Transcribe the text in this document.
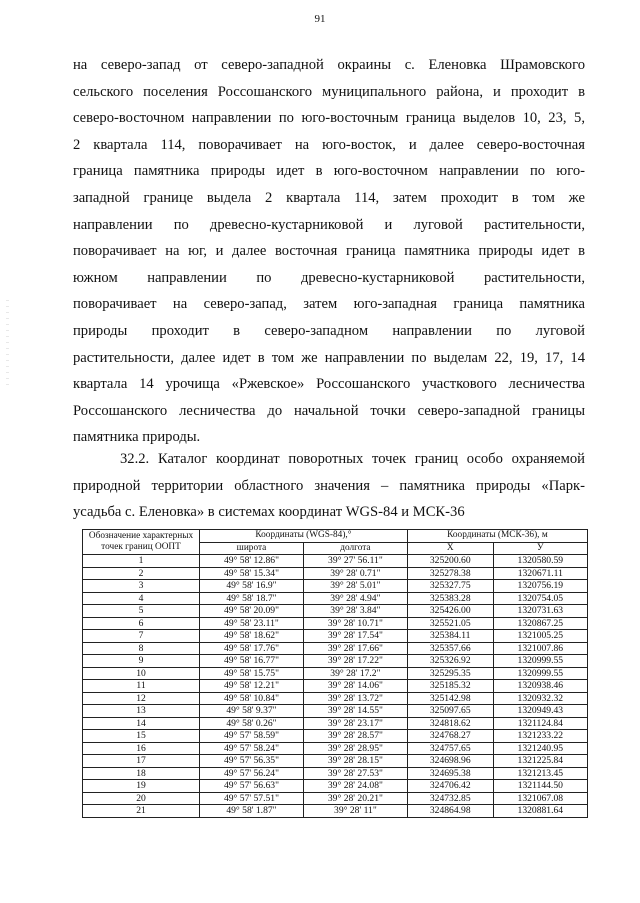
91
на северо-запад от северо-западной окраины с. Еленовка Шрамовского
сельского поселения Россошанского муниципального района, и проходит в
северо-восточном направлении по юго-восточным граница выделов 10, 23, 5,
2 квартала 114, поворачивает на юго-восток, и далее северо-восточная
граница памятника природы идет в юго-восточном направлении по юго-
западной границе выдела 2 квартала 114, затем проходит в том же
направлении по древесно-кустарниковой и луговой растительности,
поворачивает на юг, и далее восточная граница памятника природы идет в
южном направлении по древесно-кустарниковой растительности,
поворачивает на северо-запад, затем юго-западная граница памятника
природы проходит в северо-западном направлении по луговой
растительности, далее идет в том же направлении по выделам 22, 19, 17, 14
квартала 14 урочища «Ржевское» Россошанского участкового лесничества
Россошанского лесничества до начальной точки северо-западной границы
памятника природы.
32.2. Каталог координат поворотных точек границ особо охраняемой
природной территории областного значения – памятника природы «Парк-
усадьба с. Еленовка» в системах координат WGS-84 и МСК-36
Обозначение характерных точек границ ООПТ	Координаты (WGS-84),°		Координаты (МСК-36), м	
	широта	долгота	X	У
1	49° 58' 12.86"	39° 27' 56.11"	325200.60	1320580.59
2	49° 58' 15.34"	39° 28' 0.71"	325278.38	1320671.11
3	49° 58' 16.9"	39° 28' 5.01"	325327.75	1320756.19
4	49° 58' 18.7"	39° 28' 4.94"	325383.28	1320754.05
5	49° 58' 20.09"	39° 28' 3.84"	325426.00	1320731.63
6	49° 58' 23.11"	39° 28' 10.71"	325521.05	1320867.25
7	49° 58' 18.62"	39° 28' 17.54"	325384.11	1321005.25
8	49° 58' 17.76"	39° 28' 17.66"	325357.66	1321007.86
9	49° 58' 16.77"	39° 28' 17.22"	325326.92	1320999.55
10	49° 58' 15.75"	39° 28' 17.2"	325295.35	1320999.55
11	49° 58' 12.21"	39° 28' 14.06"	325185.32	1320938.46
12	49° 58' 10.84"	39° 28' 13.72"	325142.98	1320932.32
13	49° 58' 9.37"	39° 28' 14.55"	325097.65	1320949.43
14	49° 58' 0.26"	39° 28' 23.17"	324818.62	1321124.84
15	49° 57' 58.59"	39° 28' 28.57"	324768.27	1321233.22
16	49° 57' 58.24"	39° 28' 28.95"	324757.65	1321240.95
17	49° 57' 56.35"	39° 28' 28.15"	324698.96	1321225.84
18	49° 57' 56.24"	39° 28' 27.53"	324695.38	1321213.45
19	49° 57' 56.63"	39° 28' 24.08"	324706.42	1321144.50
20	49° 57' 57.51"	39° 28' 20.21"	324732.85	1321067.08
21	49° 58' 1.87"	39° 28' 11"	324864.98	1320881.64
